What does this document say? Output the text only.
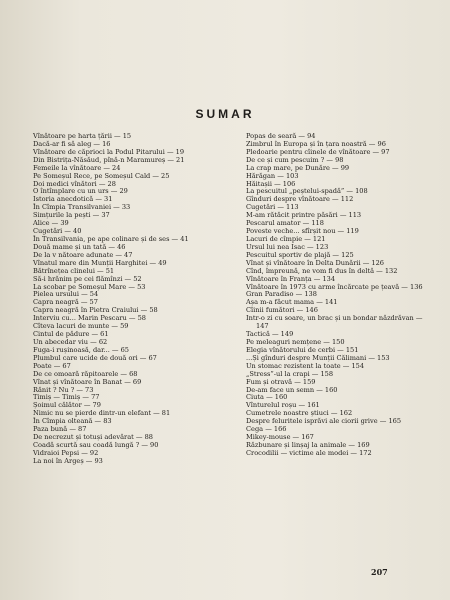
SUMAR
Vînătoare pe harta țării — 15
Dacă-ar fi să aleg — 16
Vînătoare de căprioci la Podul Pitarului — 19
Din Bistrița-Năsăud, pînă-n Maramureș — 21
Femeile la vînătoare — 24
Pe Someșul Rece, pe Someșul Cald — 25
Doi medici vînători — 28
O întîmplare cu un urs — 29
Istoria anecdotică — 31
În Cîmpia Transilvaniei — 33
Simțurile la pești — 37
Alice — 39
Cugetări — 40
În Transilvania, pe ape colinare și de ses — 41
Două mame și un tată — 46
De la v nătoare adunate — 47
Vînatul mare din Munții Harghitei — 49
Bătrînețea clinelui — 51
Să-i hrănim pe cei flămînzi — 52
La scobar pe Someșul Mare — 53
Pielea ursului — 54
Capra neagră — 57
Capra neagră în Pietra Craiului — 58
Interviu cu... Marin Pescaru — 58
Cîteva lacuri de munte — 59
Cintul de pădure — 61
Un abecedar viu — 62
Fuga-i rușinoasă, dar... — 65
Plumbul care ucide de două ori — 67
Poate — 67
De ce omoară răpitoarele — 68
Vînat și vînătoare în Banat — 69
Rănit ? Nu ? — 73
Timiș — Timiș — 77
Șoimul călător — 79
Nimic nu se pierde dintr-un elefant — 81
În Cîmpia olteană — 83
Paza bună — 87
De necrezut și totuși adevărat — 88
Coadă scurtă sau coadă lungă ? — 90
Vidraioi Pepsi — 92
La noi în Argeș — 93
Popas de seară — 94
Zimbrul în Europa și în țara noastră — 96
Pledoarie pentru cîinele de vînătoare — 97
De ce și cum pescuim ? — 98
La crap mare, pe Dunăre — 99
Hărăgan — 103
Hăitașii — 106
La pescuitul „peștelui-spadă” — 108
Gînduri despre vînătoare — 112
Cugetări — 113
M-am rătăcit printre păsări — 113
Pescarul amator — 118
Poveste veche... sfîrșit nou — 119
Lacuri de cîmpie — 121
Ursul lui nea Isac — 123
Pescuitul sportiv de plajă — 125
Vînat și vînătoare în Delta Dunării — 126
Cînd, împreună, ne vom fi dus în deltă — 132
Vînătoare în Franța — 134
Vînătoare în 1973 cu arme încărcate pe țeavă — 136
Gran Paradiso — 138
Așa m-a făcut mama — 141
Cîinii fumători — 146
Intr-o zi cu soare, un brac și un bondar năzdrăvan — 147
Tactică — 149
Pe meleaguri nemțene — 150
Elegia vînătorului de cerbi — 151
...Și gînduri despre Munții Călimani — 153
Un stomac rezistent la toate — 154
„Stress”-ul la crapi — 158
Fum și otravă — 159
De-am face un semn — 160
Ciuta — 160
Vînturelul roșu — 161
Cumetrele noastre știuci — 162
Despre feluritele isprăvi ale ciorii grive — 165
Cega — 166
Mikey-mouse — 167
Răzbunare și linșaj la animale — 169
Crocodilii — victime ale modei — 172
207
